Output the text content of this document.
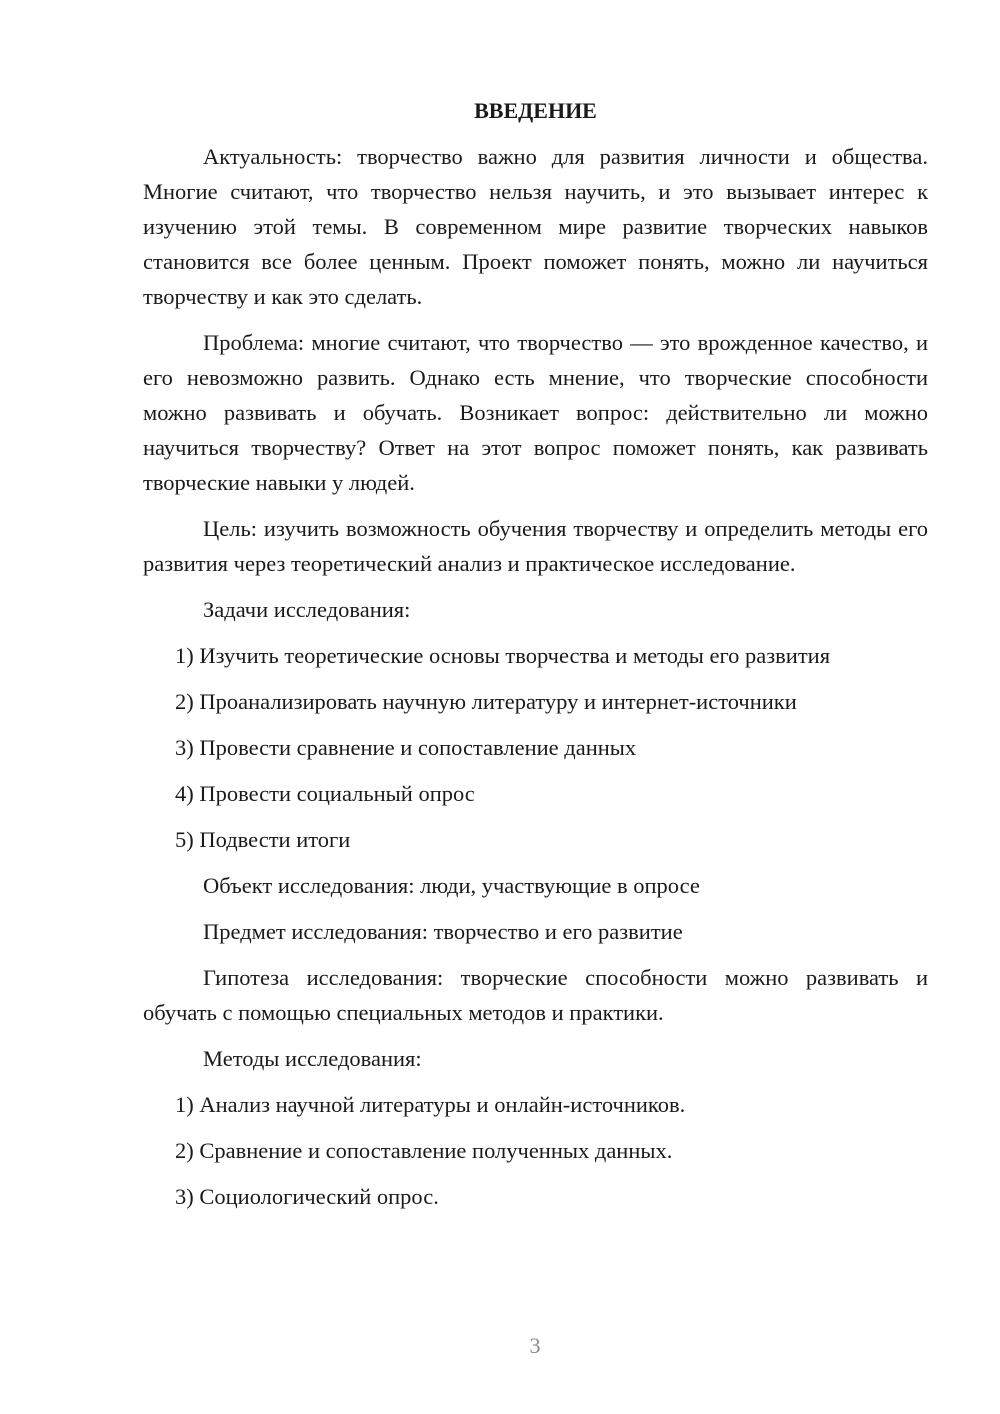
ВВЕДЕНИЕ

Актуальность: творчество важно для развития личности и общества. Многие считают, что творчество нельзя научить, и это вызывает интерес к изучению этой темы. В современном мире развитие творческих навыков становится все более ценным. Проект поможет понять, можно ли научиться творчеству и как это сделать.

Проблема: многие считают, что творчество — это врожденное качество, и его невозможно развить. Однако есть мнение, что творческие способности можно развивать и обучать. Возникает вопрос: действительно ли можно научиться творчеству? Ответ на этот вопрос поможет понять, как развивать творческие навыки у людей.

Цель: изучить возможность обучения творчеству и определить методы его развития через теоретический анализ и практическое исследование.

Задачи исследования:

1) Изучить теоретические основы творчества и методы его развития
2) Проанализировать научную литературу и интернет-источники
3) Провести сравнение и сопоставление данных
4) Провести социальный опрос
5) Подвести итоги

Объект исследования: люди, участвующие в опросе

Предмет исследования: творчество и его развитие

Гипотеза исследования: творческие способности можно развивать и обучать с помощью специальных методов и практики.

Методы исследования:

1) Анализ научной литературы и онлайн-источников.
2) Сравнение и сопоставление полученных данных.
3) Социологический опрос.
3
